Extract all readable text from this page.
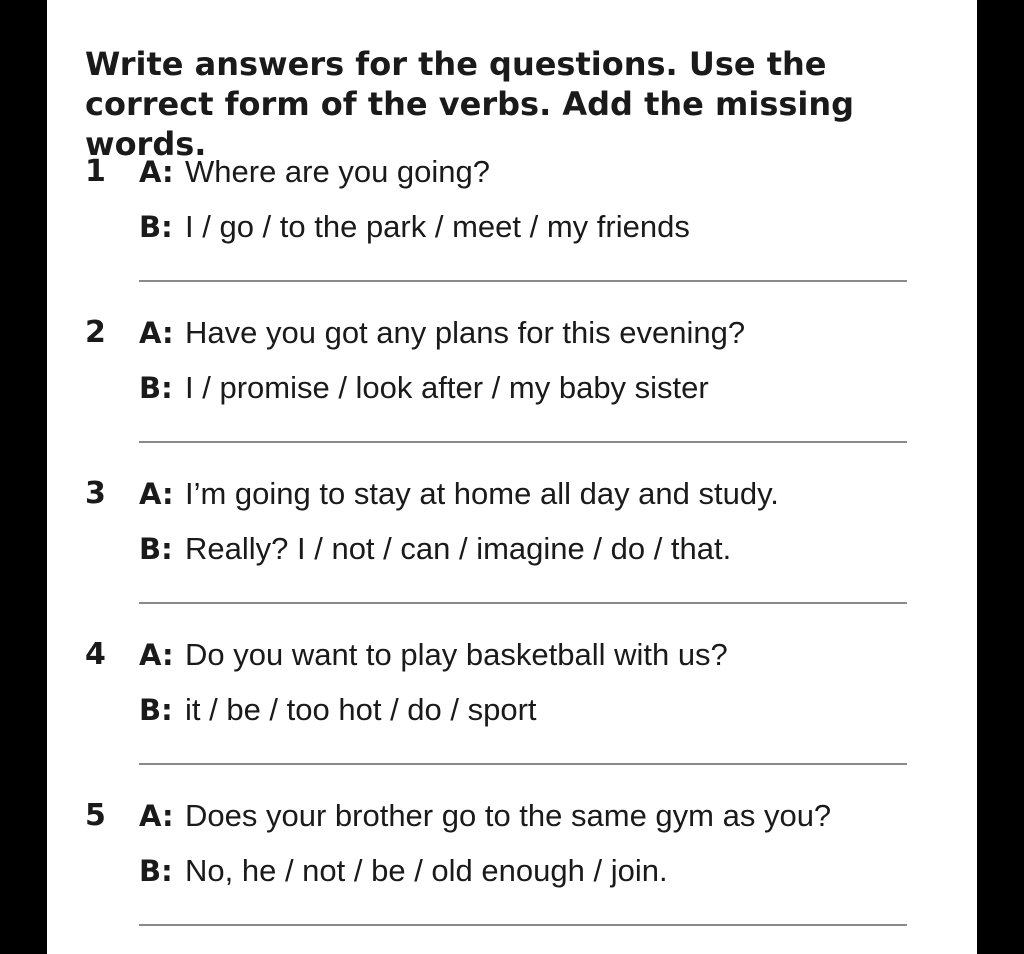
Write answers for the questions. Use the correct form of the verbs. Add the missing words.

1 A: Where are you going?
B: I / go / to the park / meet / my friends
2 A: Have you got any plans for this evening?
B: I / promise / look after / my baby sister
3 A: I’m going to stay at home all day and study.
B: Really? I / not / can / imagine / do / that.
4 A: Do you want to play basketball with us?
B: it / be / too hot / do / sport
5 A: Does your brother go to the same gym as you?
B: No, he / not / be / old enough / join.
